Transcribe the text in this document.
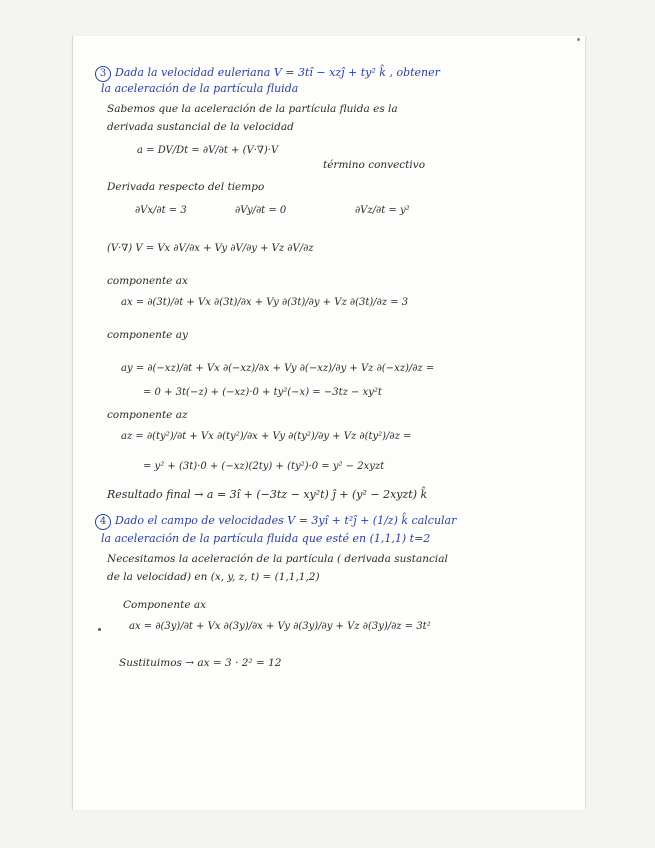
3 Dada la velocidad euleriana V = 3tî − xzĵ + ty² k̂ , obtener
la aceleración de la partícula fluida
Sabemos que la aceleración de la partícula fluida es la
derivada sustancial de la velocidad
a = DV/Dt = ∂V/∂t + (V·∇)·V
término convectivo
Derivada respecto del tiempo
∂Vx/∂t = 3	∂Vy/∂t = 0	∂Vz/∂t = y²
(V·∇) V = Vx ∂V/∂x + Vy ∂V/∂y + Vz ∂V/∂z
componente ax
ax = ∂(3t)/∂t + Vx ∂(3t)/∂x + Vy ∂(3t)/∂y + Vz ∂(3t)/∂z = 3
componente ay
ay = ∂(−xz)/∂t + Vx ∂(−xz)/∂x + Vy ∂(−xz)/∂y + Vz ∂(−xz)/∂z =
= 0 + 3t(−z) + (−xz)·0 + ty²(−x) = −3tz − xy²t
componente az
az = ∂(ty²)/∂t + Vx ∂(ty²)/∂x + Vy ∂(ty²)/∂y + Vz ∂(ty²)/∂z =
= y² + (3t)·0 + (−xz)(2ty) + (ty²)·0 = y² − 2xyzt
Resultado final → a = 3î + (−3tz − xy²t) ĵ + (y² − 2xyzt) k̂
4 Dado el campo de velocidades V = 3yî + t²ĵ + (1/z) k̂ calcular
la aceleración de la partícula fluida que esté en (1,1,1) t=2
Necesitamos la aceleración de la partícula ( derivada sustancial
de la velocidad) en (x, y, z, t) = (1,1,1,2)
Componente ax
ax = ∂(3y)/∂t + Vx ∂(3y)/∂x + Vy ∂(3y)/∂y + Vz ∂(3y)/∂z = 3t²
Sustituimos → ax = 3 · 2² = 12
